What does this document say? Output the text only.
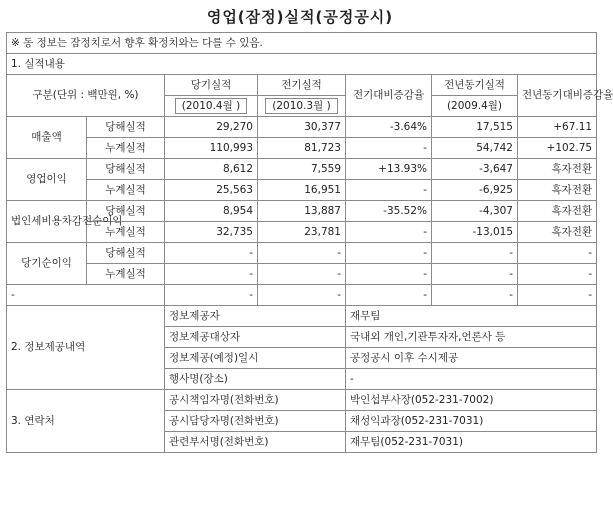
영업(잠정)실적(공정공시)
※ 동 정보는 잠정치로서 향후 확정치와는 다를 수 있음.						
1. 실적내용						
구분(단위 : 백만원, %)		당기실적	전기실적	전기대비증감율	전년동기실적	전년동기대비증감율
		(2010.4월 )	(2010.3월 )		(2009.4월)	
매출액	당해실적	29,270	30,377	-3.64%	17,515	+67.11
	누계실적	110,993	81,723	-	54,742	+102.75
영업이익	당해실적	8,612	7,559	+13.93%	-3,647	흑자전환
	누계실적	25,563	16,951	-	-6,925	흑자전환
법인세비용차감전순이익	당해실적	8,954	13,887	-35.52%	-4,307	흑자전환
	누계실적	32,735	23,781	-	-13,015	흑자전환
당기순이익	당해실적	-	-	-	-	-
	누계실적	-	-	-	-	-
-		-	-	-	-	-
2. 정보제공내역		정보제공자		재무팀		
		정보제공대상자		국내외 개인,기관투자자,언론사 등		
		정보제공(예정)일시		공정공시 이후 수시제공		
		행사명(장소)		-		
3. 연락처		공시책임자명(전화번호)		박인섭부사장(052-231-7002)		
		공시담당자명(전화번호)		채성익과장(052-231-7031)		
		관련부서명(전화번호)		재무팀(052-231-7031)		
